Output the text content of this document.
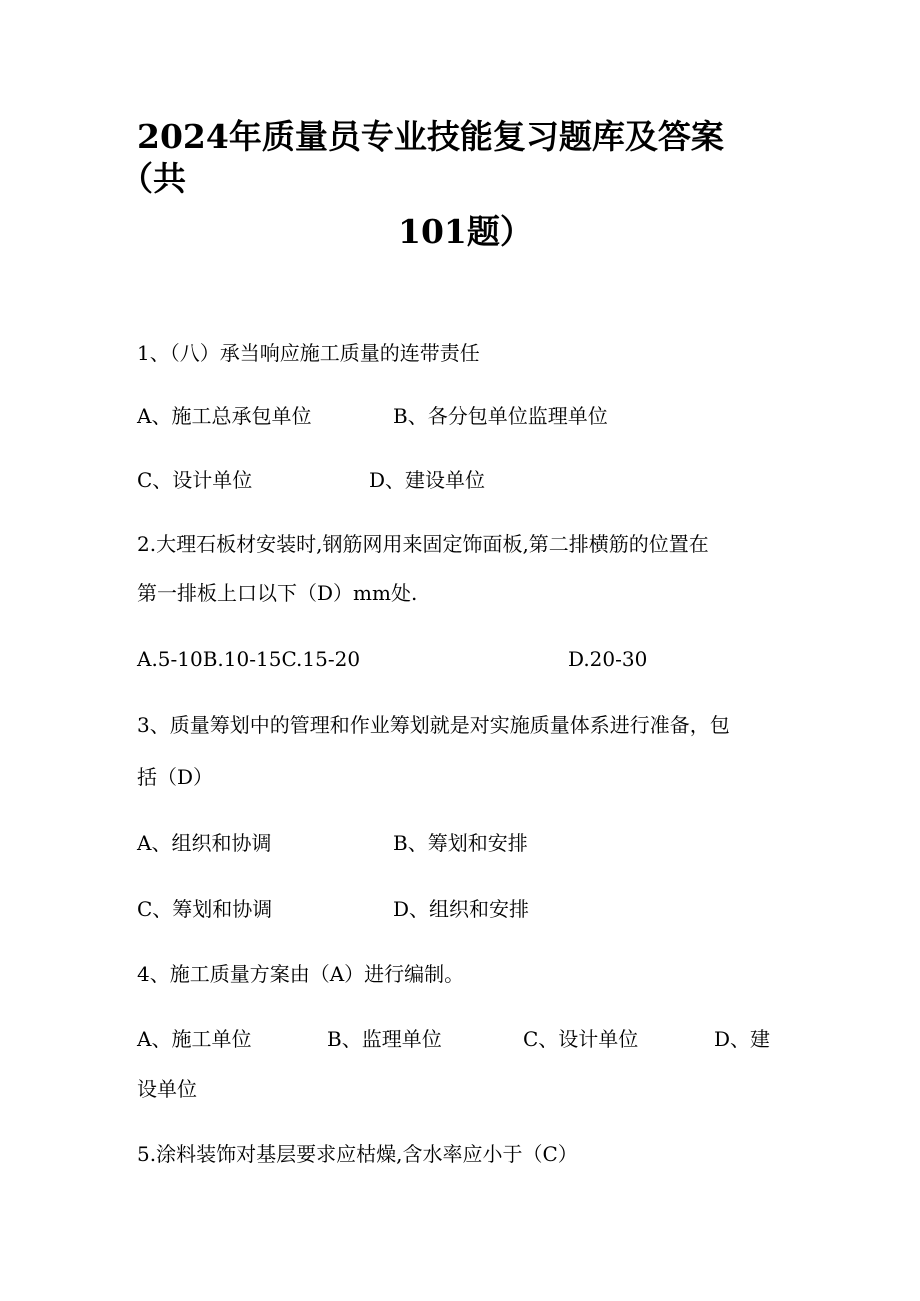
2024年质量员专业技能复习题库及答案
（共
101题）
1、（八）承当响应施工质量的连带责任
A、施工总承包单位	B、各分包单位监理单位
C、设计单位	D、建设单位
2.大理石板材安装时,钢筋网用来固定饰面板,第二排横筋的位置在
第一排板上口以下（D）mm处.
A.5-10B.10-15C.15-20	D.20-30
3、质量筹划中的管理和作业筹划就是对实施质量体系进行准备，包
括（D）
A、组织和协调	B、筹划和安排
C、筹划和协调	D、组织和安排
4、施工质量方案由（A）进行编制。
A、施工单位	B、监理单位	C、设计单位	D、建
设单位
5.涂料装饰对基层要求应枯燥,含水率应小于（C）
